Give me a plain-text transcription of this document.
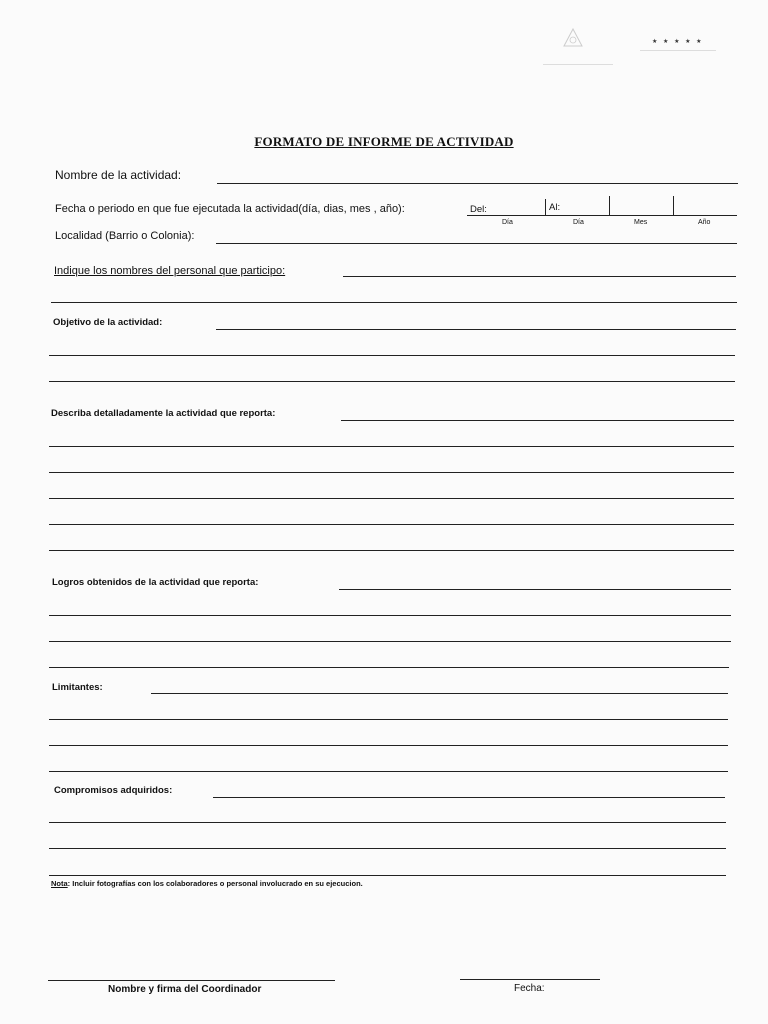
★ ★ ★ ★ ★
FORMATO DE INFORME DE ACTIVIDAD
Nombre de la actividad:
Fecha o periodo en que fue ejecutada la actividad(día, dias, mes , año):	Del:	Al:
Día	Día	Mes	Año
Localidad (Barrio o Colonia):
Indique los nombres del personal que participo:
Objetivo de la actividad:
Describa detalladamente la actividad que reporta:
Logros obtenidos de la actividad que reporta:
Limitantes:
Compromisos adquiridos:
Nota: Incluir fotografías con los colaboradores o personal involucrado en su ejecucion.
Nombre y firma del Coordinador	Fecha:
